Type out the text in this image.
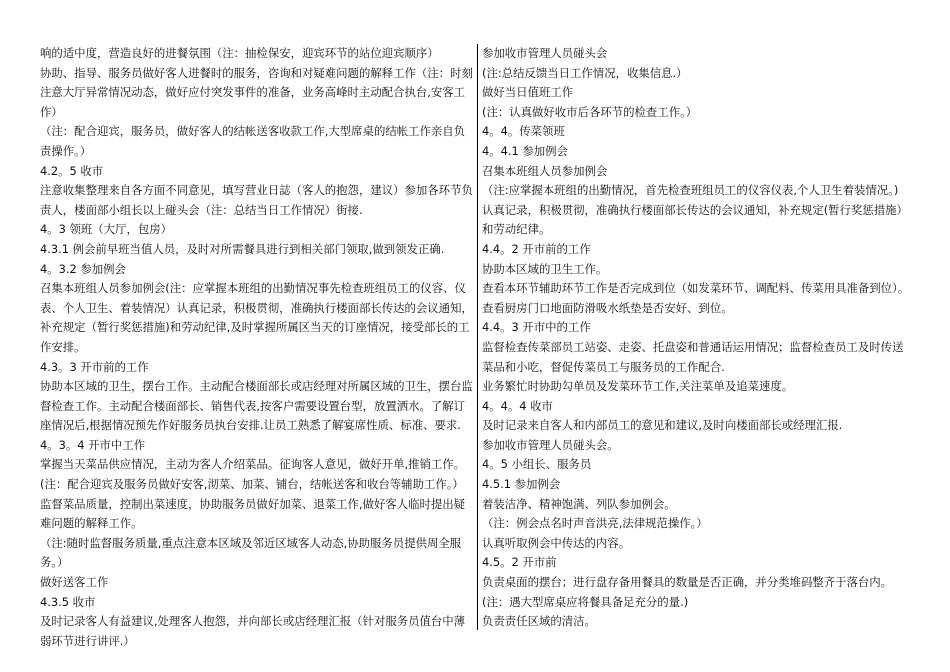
响的适中度，营造良好的进餐氛围（注：抽检保安，迎宾环节的站位迎宾顺序）
协助、指导、服务员做好客人进餐时的服务，咨询和对疑难问题的解释工作（注：时刻注意大厅异常情况动态，做好应付突发事件的准备，业务高峰时主动配合执台,安客工作）
（注：配合迎宾，服务员，做好客人的结帐送客收款工作,大型席桌的结帐工作亲自负责操作。）
4.2。5 收市
注意收集整理来自各方面不同意见，填写营业日誌（客人的抱怨，建议）参加各环节负责人，楼面部小组长以上碰头会（注：总结当日工作情况）街接.
4。3 领班（大厅，包房）
4.3.1 例会前早班当值人员，及时对所需餐具进行到相关部门领取,做到领发正确.
4。3.2 参加例会
召集本班组人员参加例会(注：应掌握本班组的出勤情况事先检查班组员工的仪容、仪表、个人卫生、着装情况）认真记录，积极贯彻，准确执行楼面部长传达的会议通知，补充规定（暂行奖惩措施)和劳动纪律,及时掌握所属区当天的订座情况，接受部长的工作安排。
4.3。3 开市前的工作
协助本区域的卫生，摆台工作。主动配合楼面部长或店经理对所属区域的卫生，摆台监督检查工作。主动配合楼面部长、销售代表,按客户需要设置台型，放置洒水。了解订座情况后,根据情况预先作好服务员执台安排.让员工熟悉了解宴席性质、标准、要求.
4。3。4 开市中工作
掌握当天菜品供应情况，主动为客人介绍菜品。征询客人意见，做好开单,推销工作。(注：配合迎宾及服务员做好安客,沏菜、加菜、铺台，结帐送客和收台等辅助工作。）
监督菜品质量，控制出菜速度，协助服务员做好加菜、退菜工作,做好客人临时提出疑难问题的解释工作。
（注:随时监督服务质量,重点注意本区域及邻近区域客人动态,协助服务员提供周全服务。）
做好送客工作
4.3.5 收市
及时记录客人有益建议,处理客人抱怨，并向部长或店经理汇报（针对服务员值台中薄弱环节进行讲评.）
参加收市管理人员碰头会
(注:总结反馈当日工作情况，收集信息.）
做好当日值班工作
(注：认真做好收市后各环节的检查工作。）
4。4。传菜领班
4。4.1 参加例会
召集本班组人员参加例会
（注:应掌握本班组的出勤情况，首先检查班组员工的仪容仪表,个人卫生着装情况。)
认真记录，积极贯彻，准确执行楼面部长传达的会议通知，补充规定(暂行奖惩措施）和劳动纪律。
4.4。2 开市前的工作
协助本区域的卫生工作。
查看本环节辅助环节工作是否完成到位（如发菜环节、调配料、传菜用具准备到位）。
查看厨房门口地面防滑吸水纸垫是否安好、到位。
4.4。3 开市中的工作
监督检查传菜部员工站姿、走姿、托盘姿和普通话运用情况；监督检查员工及时传送菜品和小吃，督促传菜员工与服务员的工作配合.
业务繁忙时协助勾单员及发菜环节工作,关注菜单及追菜速度。
4。4。4 收市
及时记录来自客人和内部员工的意见和建议,及时向楼面部长或经理汇报.
参加收市管理人员碰头会。
4。5 小组长、服务员
4.5.1 参加例会
着装洁净、精神饱满、列队参加例会。
（注：例会点名时声音洪亮,法律规范操作。）
认真听取例会中传达的内容。
4.5。2 开市前
负责桌面的摆台；进行盘存备用餐具的数量是否正确，并分类堆码整齐于落台内。
(注：遇大型席桌应将餐具备足充分的量.)
负责责任区域的清洁。
